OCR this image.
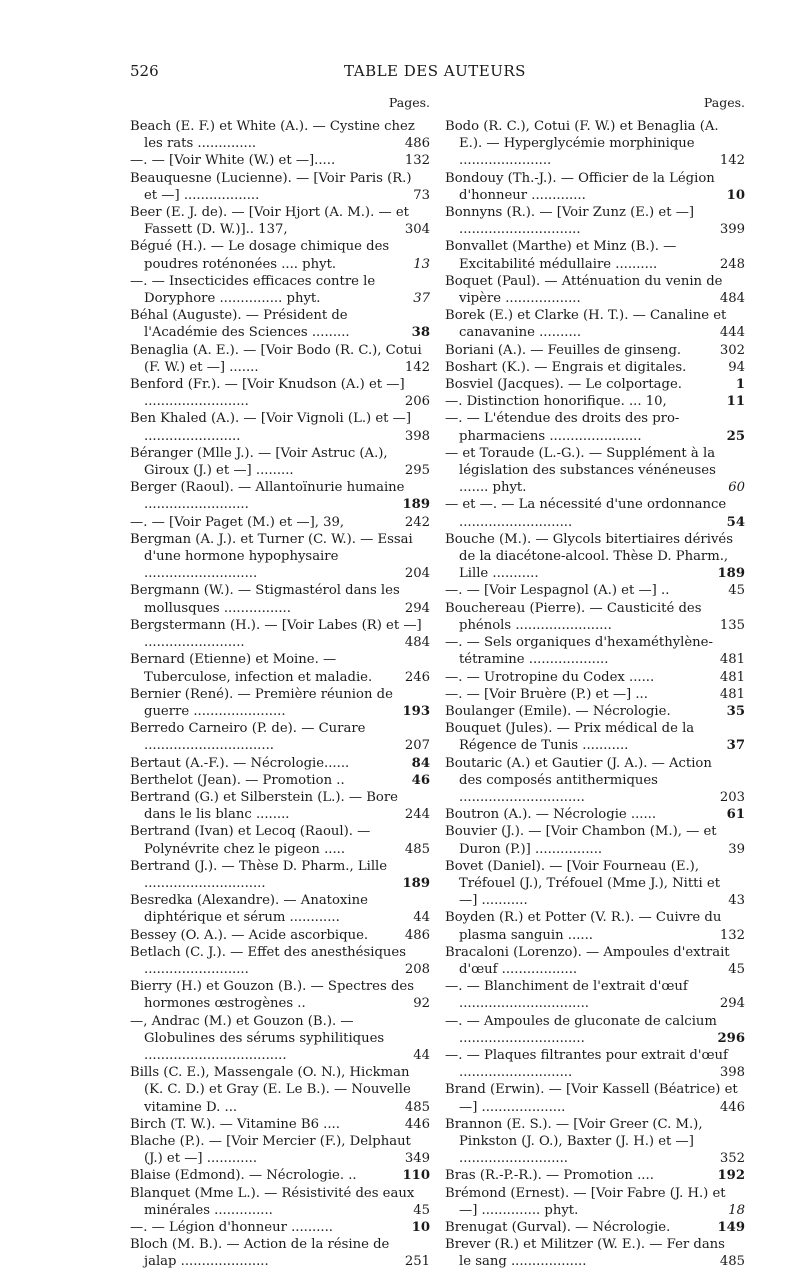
526	TABLE DES AUTEURS
Pages.
Beach (E. F.) et White (A.). — Cystine chez les rats ..............	486
—. — [Voir White (W.) et —].....	132
Beauquesne (Lucienne). — [Voir Paris (R.) et —] ..................	73
Beer (E. J. de). — [Voir Hjort (A. M.). — et Fassett (D. W.)].. 137,	304
Bégué (H.). — Le dosage chimique des poudres roténonées .... phyt.	13
—. — Insecticides efficaces contre le Doryphore ............... phyt.	37
Béhal (Auguste). — Président de l'Académie des Sciences .........	38
Benaglia (A. E.). — [Voir Bodo (R. C.), Cotui (F. W.) et —] .......	142
Benford (Fr.). — [Voir Knudson (A.) et —] .........................	206
Ben Khaled (A.). — [Voir Vignoli (L.) et —] .......................	398
Béranger (Mlle J.). — [Voir Astruc (A.), Giroux (J.) et —] .........	295
Berger (Raoul). — Allantoïnurie humaine .........................	189
—. — [Voir Paget (M.) et —], 39,	242
Bergman (A. J.). et Turner (C. W.). — Essai d'une hormone hypophysaire ...........................	204
Bergmann (W.). — Stigmastérol dans les mollusques ................	294
Bergstermann (H.). — [Voir Labes (R) et —] ........................	484
Bernard (Etienne) et Moine. — Tuberculose, infection et maladie.	246
Bernier (René). — Première réunion de guerre ......................	193
Berredo Carneiro (P. de). — Curare ...............................	207
Bertaut (A.-F.). — Nécrologie......	84
Berthelot (Jean). — Promotion ..	46
Bertrand (G.) et Silberstein (L.). — Bore dans le lis blanc ........	244
Bertrand (Ivan) et Lecoq (Raoul). — Polynévrite chez le pigeon .....	485
Bertrand (J.). — Thèse D. Pharm., Lille .............................	189
Besredka (Alexandre). — Anatoxine diphtérique et sérum ............	44
Bessey (O. A.). — Acide ascorbique.	486
Betlach (C. J.). — Effet des anesthésiques .........................	208
Bierry (H.) et Gouzon (B.). — Spectres des hormones œstrogènes ..	92
—, Andrac (M.) et Gouzon (B.). — Globulines des sérums syphilitiques ..................................	44
Bills (C. E.), Massengale (O. N.), Hickman (K. C. D.) et Gray (E. Le B.). — Nouvelle vitamine D. ...	485
Birch (T. W.). — Vitamine B6 ....	446
Blache (P.). — [Voir Mercier (F.), Delphaut (J.) et —] ............	349
Blaise (Edmond). — Nécrologie. ..	110
Blanquet (Mme L.). — Résistivité des eaux minérales ..............	45
—. — Légion d'honneur ..........	10
Bloch (M. B.). — Action de la résine de jalap .....................	251
Pages.
Bodo (R. C.), Cotui (F. W.) et Benaglia (A. E.). — Hyperglycémie morphinique ......................	142
Bondouy (Th.-J.). — Officier de la Légion d'honneur .............	10
Bonnyns (R.). — [Voir Zunz (E.) et —] .............................	399
Bonvallet (Marthe) et Minz (B.). — Excitabilité médullaire ..........	248
Boquet (Paul). — Atténuation du venin de vipère ..................	484
Borek (E.) et Clarke (H. T.). — Canaline et canavanine ..........	444
Boriani (A.). — Feuilles de ginseng.	302
Boshart (K.). — Engrais et digitales.	94
Bosviel (Jacques). — Le colportage.	1
—. Distinction honorifique. ... 10,	11
—. — L'étendue des droits des pro-pharmaciens ......................	25
— et Toraude (L.-G.). — Supplément à la législation des substances vénéneuses ....... phyt.	60
— et —. — La nécessité d'une ordonnance ...........................	54
Bouche (M.). — Glycols bitertiaires dérivés de la diacétone-alcool. Thèse D. Pharm., Lille ...........	189
—. — [Voir Lespagnol (A.) et —] ..	45
Bouchereau (Pierre). — Causticité des phénols .......................	135
—. — Sels organiques d'hexaméthylène-tétramine ...................	481
—. — Urotropine du Codex ......	481
—. — [Voir Bruère (P.) et —] ...	481
Boulanger (Emile). — Nécrologie.	35
Bouquet (Jules). — Prix médical de la Régence de Tunis ...........	37
Boutaric (A.) et Gautier (J. A.). — Action des composés antithermiques ..............................	203
Boutron (A.). — Nécrologie ......	61
Bouvier (J.). — [Voir Chambon (M.), — et Duron (P.)] ................	39
Bovet (Daniel). — [Voir Fourneau (E.), Tréfouel (J.), Tréfouel (Mme J.), Nitti et —] ...........	43
Boyden (R.) et Potter (V. R.). — Cuivre du plasma sanguin ......	132
Bracaloni (Lorenzo). — Ampoules d'extrait d'œuf ..................	45
—. — Blanchiment de l'extrait d'œuf ...............................	294
—. — Ampoules de gluconate de calcium ..............................	296
—. — Plaques filtrantes pour extrait d'œuf ...........................	398
Brand (Erwin). — [Voir Kassell (Béatrice) et —] ....................	446
Brannon (E. S.). — [Voir Greer (C. M.), Pinkston (J. O.), Baxter (J. H.) et —] ..........................	352
Bras (R.-P.-R.). — Promotion ....	192
Brémond (Ernest). — [Voir Fabre (J. H.) et —] .............. phyt.	18
Brenugat (Gurval). — Nécrologie.	149
Brever (R.) et Militzer (W. E.). — Fer dans le sang ..................	485
